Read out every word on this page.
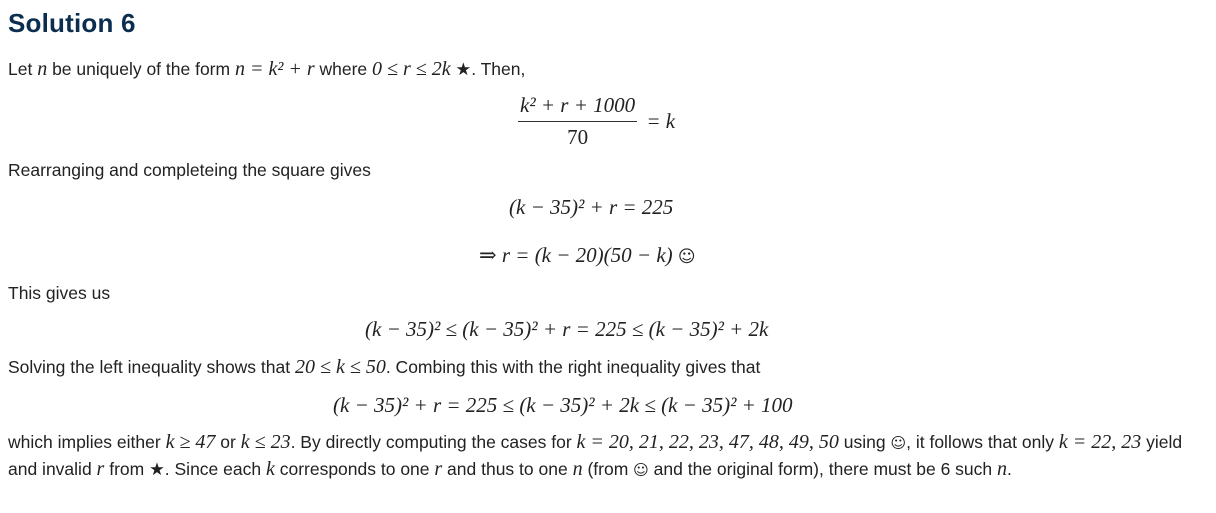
Solution 6
Let n be uniquely of the form n = k² + r where 0 ≤ r ≤ 2k ★. Then,
$\frac{\text{k² + r + 1000}}{70} = k$
Rearranging and completeing the square gives
(k − 35)² + r = 225
⇒ r = (k − 20)(50 − k) ☺
This gives us
(k − 35)² ≤ (k − 35)² + r = 225 ≤ (k − 35)² + 2k
Solving the left inequality shows that 20 ≤ k ≤ 50. Combing this with the right inequality gives that
(k − 35)² + r = 225 ≤ (k − 35)² + 2k ≤ (k − 35)² + 100
which implies either k ≥ 47 or k ≤ 23. By directly computing the cases for k = 20, 21, 22, 23, 47, 48, 49, 50 using ☺, it follows that only k = 22, 23 yield and invalid r from ★. Since each k corresponds to one r and thus to one n (from ☺ and the original form), there must be 6 such n.
